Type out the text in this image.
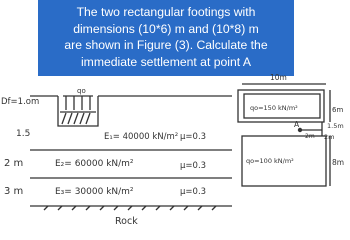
The two rectangular footings with
dimensions (10*6) m and (10*8) m
are shown in Figure (3). Calculate the
immediate settlement at point A
Df=1.om
qo
1.5	E₁= 40000 kN/m² μ=0.3
2 m	E₂= 60000 kN/m²	μ=0.3
3 m	E₃= 30000 kN/m²	μ=0.3
Rock
10m
qo=150 kN/m²	6m
A	1.5m
2m 2m
qo=100 kN/m²	8m
